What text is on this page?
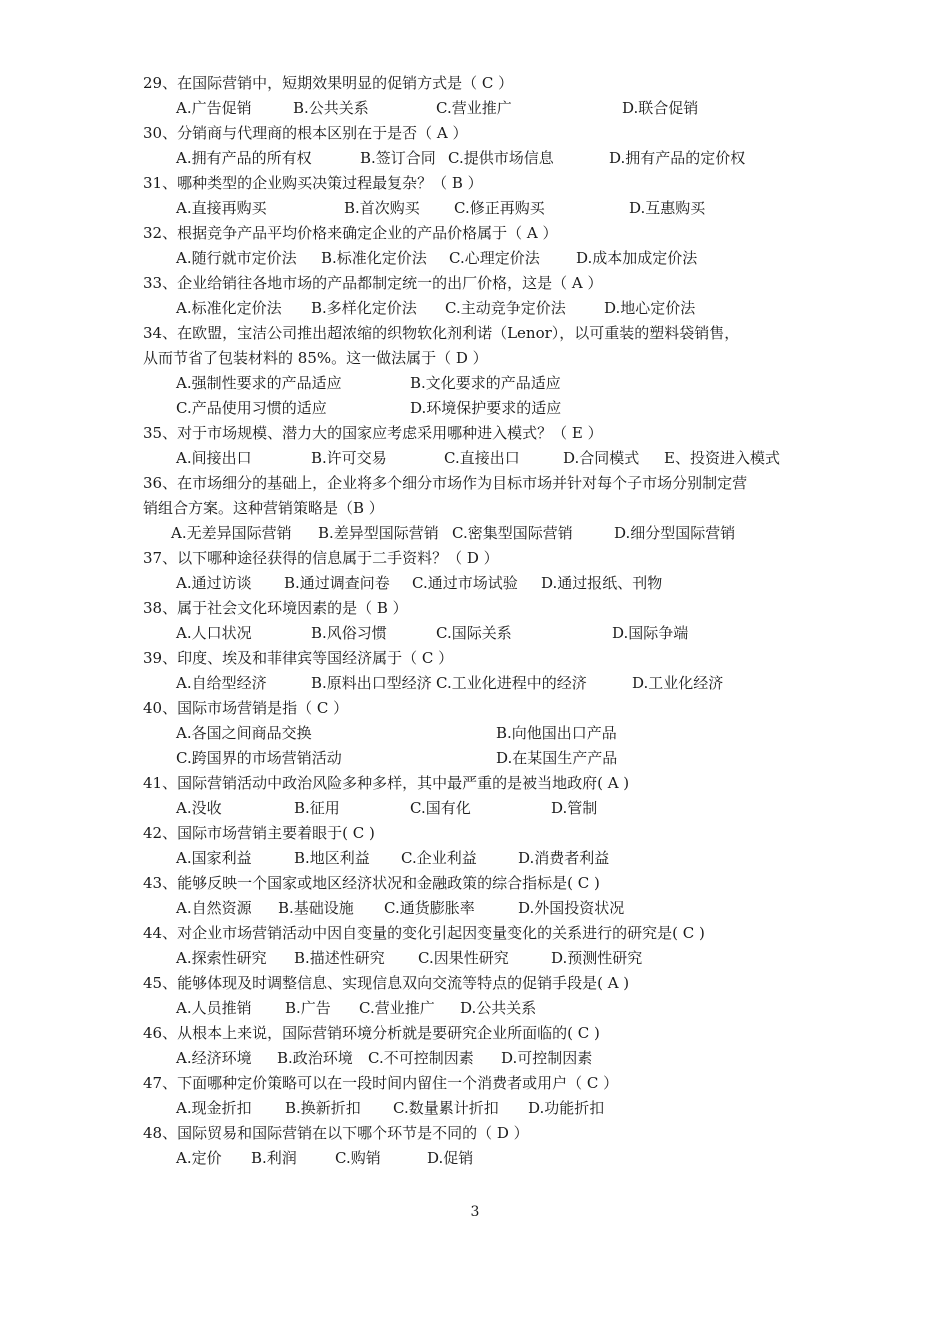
29、在国际营销中，短期效果明显的促销方式是（ C ）
A.广告促销	B.公共关系	C.营业推广	D.联合促销
30、分销商与代理商的根本区别在于是否（ A ）
A.拥有产品的所有权	B.签订合同 C.提供市场信息	D.拥有产品的定价权
31、哪种类型的企业购买决策过程最复杂？（ B ）
A.直接再购买	B.首次购买 C.修正再购买	D.互惠购买
32、根据竞争产品平均价格来确定企业的产品价格属于（ A ）
A.随行就市定价法 B.标准化定价法 C.心理定价法 D.成本加成定价法
33、企业给销往各地市场的产品都制定统一的出厂价格，这是（ A ）
A.标准化定价法 B.多样化定价法 C.主动竞争定价法	D.地心定价法
34、在欧盟，宝洁公司推出超浓缩的织物软化剂利诺（Lenor），以可重装的塑料袋销售，
从而节省了包装材料的 85%。这一做法属于（ D ）
A.强制性要求的产品适应	B.文化要求的产品适应
C.产品使用习惯的适应	D.环境保护要求的适应
35、对于市场规模、潜力大的国家应考虑采用哪种进入模式？（ E ）
A.间接出口	B.许可交易	C.直接出口	D.合同模式 E、投资进入模式
36、在市场细分的基础上，企业将多个细分市场作为目标市场并针对每个子市场分别制定营
销组合方案。这种营销策略是（B ）
A.无差异国际营销 B.差异型国际营销 C.密集型国际营销	D.细分型国际营销
37、以下哪种途径获得的信息属于二手资料？（ D ）
A.通过访谈 B.通过调查问卷 C.通过市场试验 D.通过报纸、刊物
38、属于社会文化环境因素的是（ B ）
A.人口状况	B.风俗习惯	C.国际关系	D.国际争端
39、印度、埃及和菲律宾等国经济属于（ C ）
A.自给型经济	B.原料出口型经济 C.工业化进程中的经济	D.工业化经济
40、国际市场营销是指（ C ）
A.各国之间商品交换	B.向他国出口产品
C.跨国界的市场营销活动	D.在某国生产产品
41、国际营销活动中政治风险多种多样，其中最严重的是被当地政府( A )
A.没收	B.征用	C.国有化	D.管制
42、国际市场营销主要着眼于( C )
A.国家利益	B.地区利益 C.企业利益	D.消费者利益
43、能够反映一个国家或地区经济状况和金融政策的综合指标是( C )
A.自然资源 B.基础设施 C.通货膨胀率	D.外国投资状况
44、对企业市场营销活动中因自变量的变化引起因变量变化的关系进行的研究是( C )
A.探索性研究 B.描述性研究 C.因果性研究	D.预测性研究
45、能够体现及时调整信息、实现信息双向交流等特点的促销手段是( A )
A.人员推销 B.广告 C.营业推广 D.公共关系
46、从根本上来说，国际营销环境分析就是要研究企业所面临的( C )
A.经济环境 B.政治环境 C.不可控制因素 D.可控制因素
47、下面哪种定价策略可以在一段时间内留住一个消费者或用户（ C ）
A.现金折扣 B.换新折扣 C.数量累计折扣 D.功能折扣
48、国际贸易和国际营销在以下哪个环节是不同的（ D ）
A.定价 B.利润	C.购销	D.促销
3
